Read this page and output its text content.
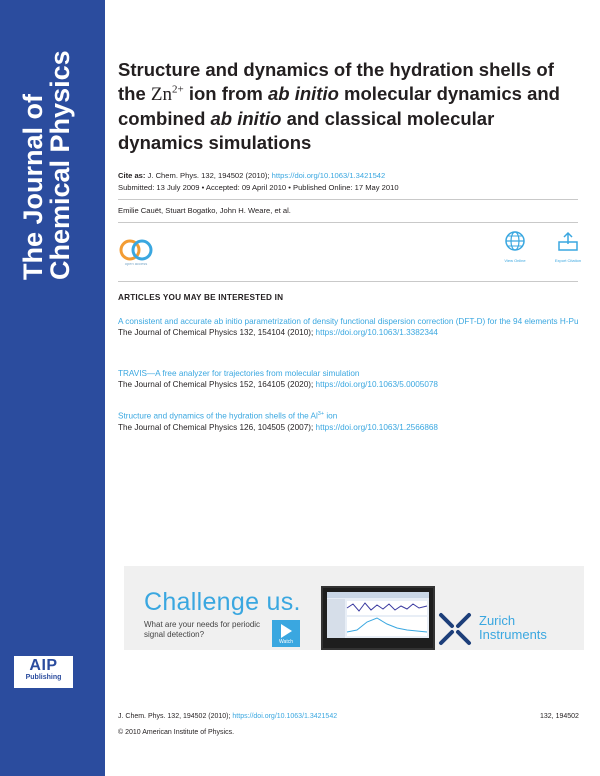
The Journal of
Chemical Physics
AIP
Publishing
Structure and dynamics of the hydration shells of the $Zn^{2+}$ ion from ab initio molecular dynamics and combined ab initio and classical molecular dynamics simulations
Cite as: J. Chem. Phys. 132, 194502 (2010); https://doi.org/10.1063/1.3421542
Submitted: 13 July 2009 • Accepted: 09 April 2010 • Published Online: 17 May 2010
Emilie Cauët, Stuart Bogatko, John H. Weare, et al.
open access
View Online	Export Citation
ARTICLES YOU MAY BE INTERESTED IN
A consistent and accurate ab initio parametrization of density functional dispersion correction (DFT-D) for the 94 elements H-Pu
The Journal of Chemical Physics 132, 154104 (2010); https://doi.org/10.1063/1.3382344
TRAVIS—A free analyzer for trajectories from molecular simulation
The Journal of Chemical Physics 152, 164105 (2020); https://doi.org/10.1063/5.0005078
Structure and dynamics of the hydration shells of the $Al^{3+}$ ion
The Journal of Chemical Physics 126, 104505 (2007); https://doi.org/10.1063/1.2566868
Challenge us.
What are your needs for periodic signal detection?
Watch
Zurich
Instruments
J. Chem. Phys. 132, 194502 (2010); https://doi.org/10.1063/1.3421542	132, 194502
© 2010 American Institute of Physics.
